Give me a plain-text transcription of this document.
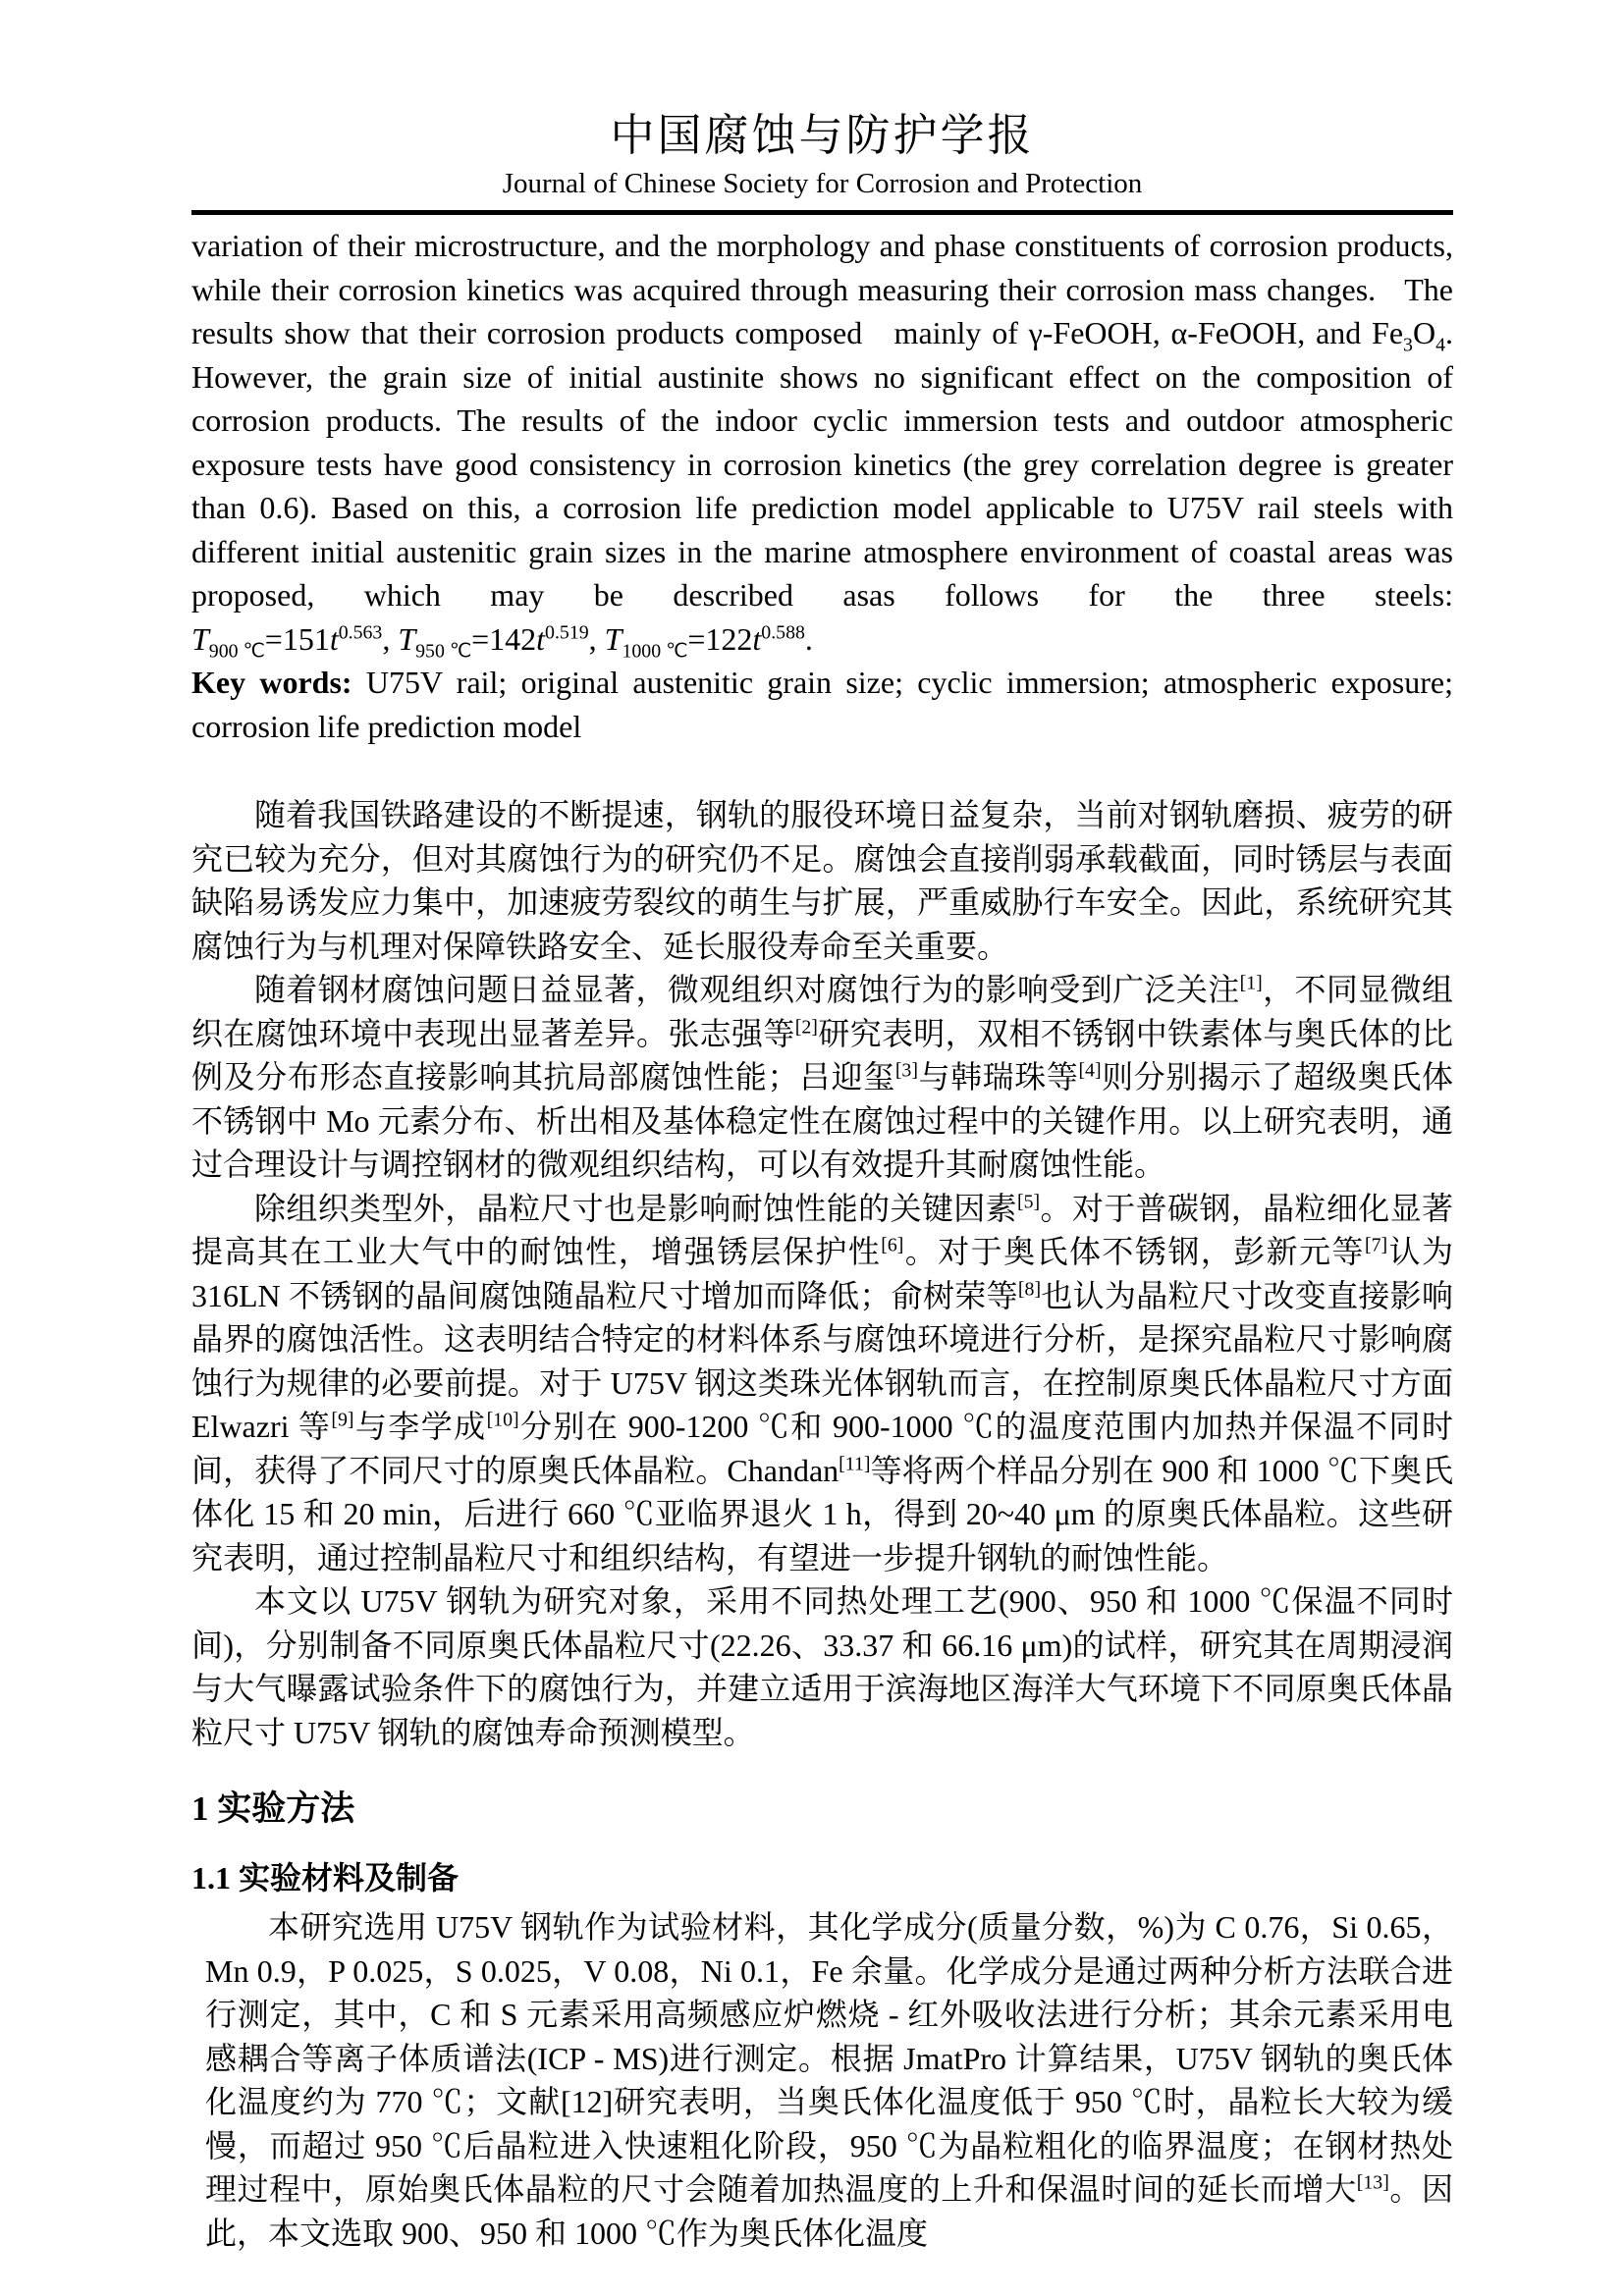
中国腐蚀与防护学报
Journal of Chinese Society for Corrosion and Protection

variation of their microstructure, and the morphology and phase constituents of corrosion products, while their corrosion kinetics was acquired through measuring their corrosion mass changes.   The results show that their corrosion products composed   mainly of γ-FeOOH, α-FeOOH, and $Fe_3O_4$. However, the grain size of initial austinite shows no significant effect on the composition of corrosion products. The results of the indoor cyclic immersion tests and outdoor atmospheric exposure tests have good consistency in corrosion kinetics (the grey correlation degree is greater than 0.6). Based on this, a corrosion life prediction model applicable to U75V rail steels with different initial austenitic grain sizes in the marine atmosphere environment of coastal areas was proposed, which may be described asas follows for the three steels:

$T_{900 ℃}=151t^{0.563}$, $T_{950 ℃}=142t^{0.519}$, $T_{1000 ℃}=122t^{0.588}$.

Key words: U75V rail; original austenitic grain size; cyclic immersion; atmospheric exposure; corrosion life prediction model

随着我国铁路建设的不断提速，钢轨的服役环境日益复杂，当前对钢轨磨损、疲劳的研究已较为充分，但对其腐蚀行为的研究仍不足。腐蚀会直接削弱承载截面，同时锈层与表面缺陷易诱发应力集中，加速疲劳裂纹的萌生与扩展，严重威胁行车安全。因此，系统研究其腐蚀行为与机理对保障铁路安全、延长服役寿命至关重要。

随着钢材腐蚀问题日益显著，微观组织对腐蚀行为的影响受到广泛关注[1]，不同显微组织在腐蚀环境中表现出显著差异。张志强等[2]研究表明，双相不锈钢中铁素体与奥氏体的比例及分布形态直接影响其抗局部腐蚀性能；吕迎玺[3]与韩瑞珠等[4]则分别揭示了超级奥氏体不锈钢中 Mo 元素分布、析出相及基体稳定性在腐蚀过程中的关键作用。以上研究表明，通过合理设计与调控钢材的微观组织结构，可以有效提升其耐腐蚀性能。

除组织类型外，晶粒尺寸也是影响耐蚀性能的关键因素[5]。对于普碳钢，晶粒细化显著提高其在工业大气中的耐蚀性，增强锈层保护性[6]。对于奥氏体不锈钢，彭新元等[7]认为 316LN 不锈钢的晶间腐蚀随晶粒尺寸增加而降低；俞树荣等[8]也认为晶粒尺寸改变直接影响晶界的腐蚀活性。这表明结合特定的材料体系与腐蚀环境进行分析，是探究晶粒尺寸影响腐蚀行为规律的必要前提。对于 U75V 钢这类珠光体钢轨而言，在控制原奥氏体晶粒尺寸方面 Elwazri 等[9]与李学成[10]分别在 900-1200 ℃和 900-1000 ℃的温度范围内加热并保温不同时间，获得了不同尺寸的原奥氏体晶粒。Chandan[11]等将两个样品分别在 900 和 1000 ℃下奥氏体化 15 和 20 min，后进行 660 ℃亚临界退火 1 h，得到 20~40 μm 的原奥氏体晶粒。这些研究表明，通过控制晶粒尺寸和组织结构，有望进一步提升钢轨的耐蚀性能。

本文以 U75V 钢轨为研究对象，采用不同热处理工艺(900、950 和 1000 ℃保温不同时间)，分别制备不同原奥氏体晶粒尺寸(22.26、33.37 和 66.16 μm)的试样，研究其在周期浸润与大气曝露试验条件下的腐蚀行为，并建立适用于滨海地区海洋大气环境下不同原奥氏体晶粒尺寸 U75V 钢轨的腐蚀寿命预测模型。

1 实验方法
1.1 实验材料及制备

本研究选用 U75V 钢轨作为试验材料，其化学成分(质量分数，%)为 C 0.76，Si 0.65，Mn 0.9，P 0.025，S 0.025，V 0.08，Ni 0.1，Fe 余量。化学成分是通过两种分析方法联合进行测定，其中，C 和 S 元素采用高频感应炉燃烧 - 红外吸收法进行分析；其余元素采用电感耦合等离子体质谱法(ICP - MS)进行测定。根据 JmatPro 计算结果，U75V 钢轨的奥氏体化温度约为 770 ℃；文献[12]研究表明，当奥氏体化温度低于 950 ℃时，晶粒长大较为缓慢，而超过 950 ℃后晶粒进入快速粗化阶段，950 ℃为晶粒粗化的临界温度；在钢材热处理过程中，原始奥氏体晶粒的尺寸会随着加热温度的上升和保温时间的延长而增大[13]。因此，本文选取 900、950 和 1000 ℃作为奥氏体化温度
